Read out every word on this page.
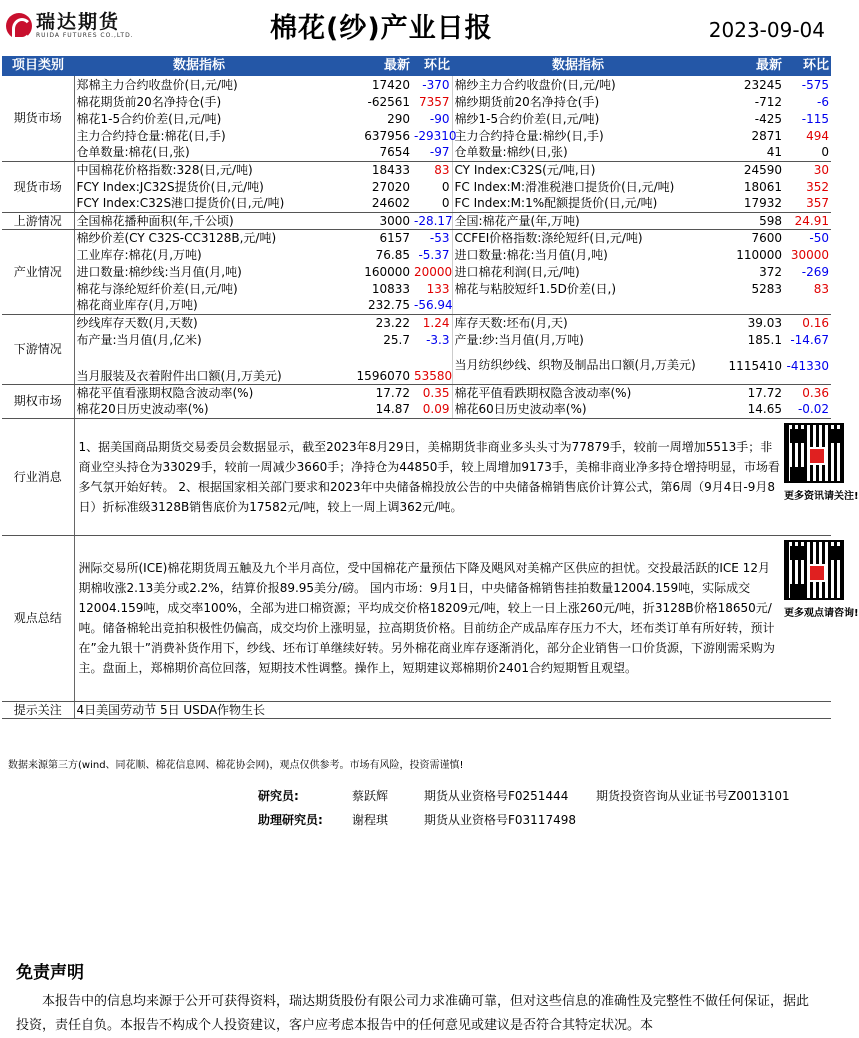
瑞达期货
RUIDA FUTURES CO.,LTD.	棉花(纱)产业日报	2023-09-04
项目类别	数据指标	最新	环比	数据指标	最新	环比
期货市场	郑棉主力合约收盘价(日,元/吨)	17420	-370	棉纱主力合约收盘价(日,元/吨)	23245	-575
	棉花期货前20名净持仓(手)	-62561	7357	棉纱期货前20名净持仓(手)	-712	-6
	棉花1-5合约价差(日,元/吨)	290	-90	棉纱1-5合约价差(日,元/吨)	-425	-115
	主力合约持仓量:棉花(日,手)	637956	-29310	主力合约持仓量:棉纱(日,手)	2871	494
	仓单数量:棉花(日,张)	7654	-97	仓单数量:棉纱(日,张)	41	0
现货市场	中国棉花价格指数:328(日,元/吨)	18433	83	CY Index:C32S(元/吨,日)	24590	30
	FCY Index:JC32S提货价(日,元/吨)	27020	0	FC Index:M:滑准税港口提货价(日,元/吨)	18061	352
	FCY Index:C32S港口提货价(日,元/吨)	24602	0	FC Index:M:1%配额提货价(日,元/吨)	17932	357
上游情况	全国棉花播种面积(年,千公顷)	3000	-28.17	全国:棉花产量(年,万吨)	598	24.91
产业情况	棉纱价差(CY C32S-CC3128B,元/吨)	6157	-53	CCFEI价格指数:涤纶短纤(日,元/吨)	7600	-50
	工业库存:棉花(月,万吨)	76.85	-5.37	进口数量:棉花:当月值(月,吨)	110000	30000
	进口数量:棉纱线:当月值(月,吨)	160000	20000	进口棉花利润(日,元/吨)	372	-269
	棉花与涤纶短纤价差(日,元/吨)	10833	133	棉花与粘胶短纤1.5D价差(日,)	5283	83
	棉花商业库存(月,万吨)	232.75	-56.94			
下游情况	纱线库存天数(月,天数)	23.22	1.24	库存天数:坯布(月,天)	39.03	0.16
	布产量:当月值(月,亿米)	25.7	-3.3	产量:纱:当月值(月,万吨)	185.1	-14.67
	当月服装及衣着附件出口额(月,万美元)	1596070	53580	当月纺织纱线、织物及制品出口额(月,万美元)	1115410	-41330
期权市场	棉花平值看涨期权隐含波动率(%)	17.72	0.35	棉花平值看跌期权隐含波动率(%)	17.72	0.36
	棉花20日历史波动率(%)	14.87	0.09	棉花60日历史波动率(%)	14.65	-0.02
行业消息	1、据美国商品期货交易委员会数据显示，截至2023年8月29日，美棉期货非商业多头头寸为77879手，较前一周增加5513手；非商业空头持仓为33029手，较前一周减少3660手；净持仓为44850手，较上周增加9173手，美棉非商业净多持仓增持明显，市场看多气氛开始好转。 2、根据国家相关部门要求和2023年中央储备棉投放公告的中央储备棉销售底价计算公式，第6周（9月4日-9月8日）折标准级3128B销售底价为17582元/吨，较上一周上调362元/吨。					更多资讯请关注!

观点总结	洲际交易所(ICE)棉花期货周五触及九个半月高位，受中国棉花产量预估下降及飓风对美棉产区供应的担忧。交投最活跃的ICE 12月期棉收涨2.13美分或2.2%，结算价报89.95美分/磅。 国内市场：9月1日，中央储备棉销售挂拍数量12004.159吨，实际成交12004.159吨，成交率100%，全部为进口棉资源；平均成交价格18209元/吨，较上一日上涨260元/吨，折3128B价格18650元/吨。储备棉轮出竞拍积极性仍偏高，成交均价上涨明显，拉高期货价格。目前纺企产成品库存压力不大，坯布类订单有所好转，预计在”金九银十”消费补货作用下，纱线、坯布订单继续好转。另外棉花商业库存逐渐消化，部分企业销售一口价货源，下游刚需采购为主。盘面上，郑棉期价高位回落，短期技术性调整。操作上，短期建议郑棉期价2401合约短期暂且观望。					更多观点请咨询!

提示关注	4日美国劳动节 5日 USDA作物生长					
数据来源第三方(wind、同花顺、棉花信息网、棉花协会网)，观点仅供参考。市场有风险，投资需谨慎!
研究员:	蔡跃辉	期货从业资格号F0251444	期货投资咨询从业证书号Z0013101
助理研究员:	谢程琪	期货从业资格号F03117498
免责声明
本报告中的信息均来源于公开可获得资料，瑞达期货股份有限公司力求准确可靠，但对这些信息的准确性及完整性不做任何保证，据此投资，责任自负。本报告不构成个人投资建议，客户应考虑本报告中的任何意见或建议是否符合其特定状况。本
